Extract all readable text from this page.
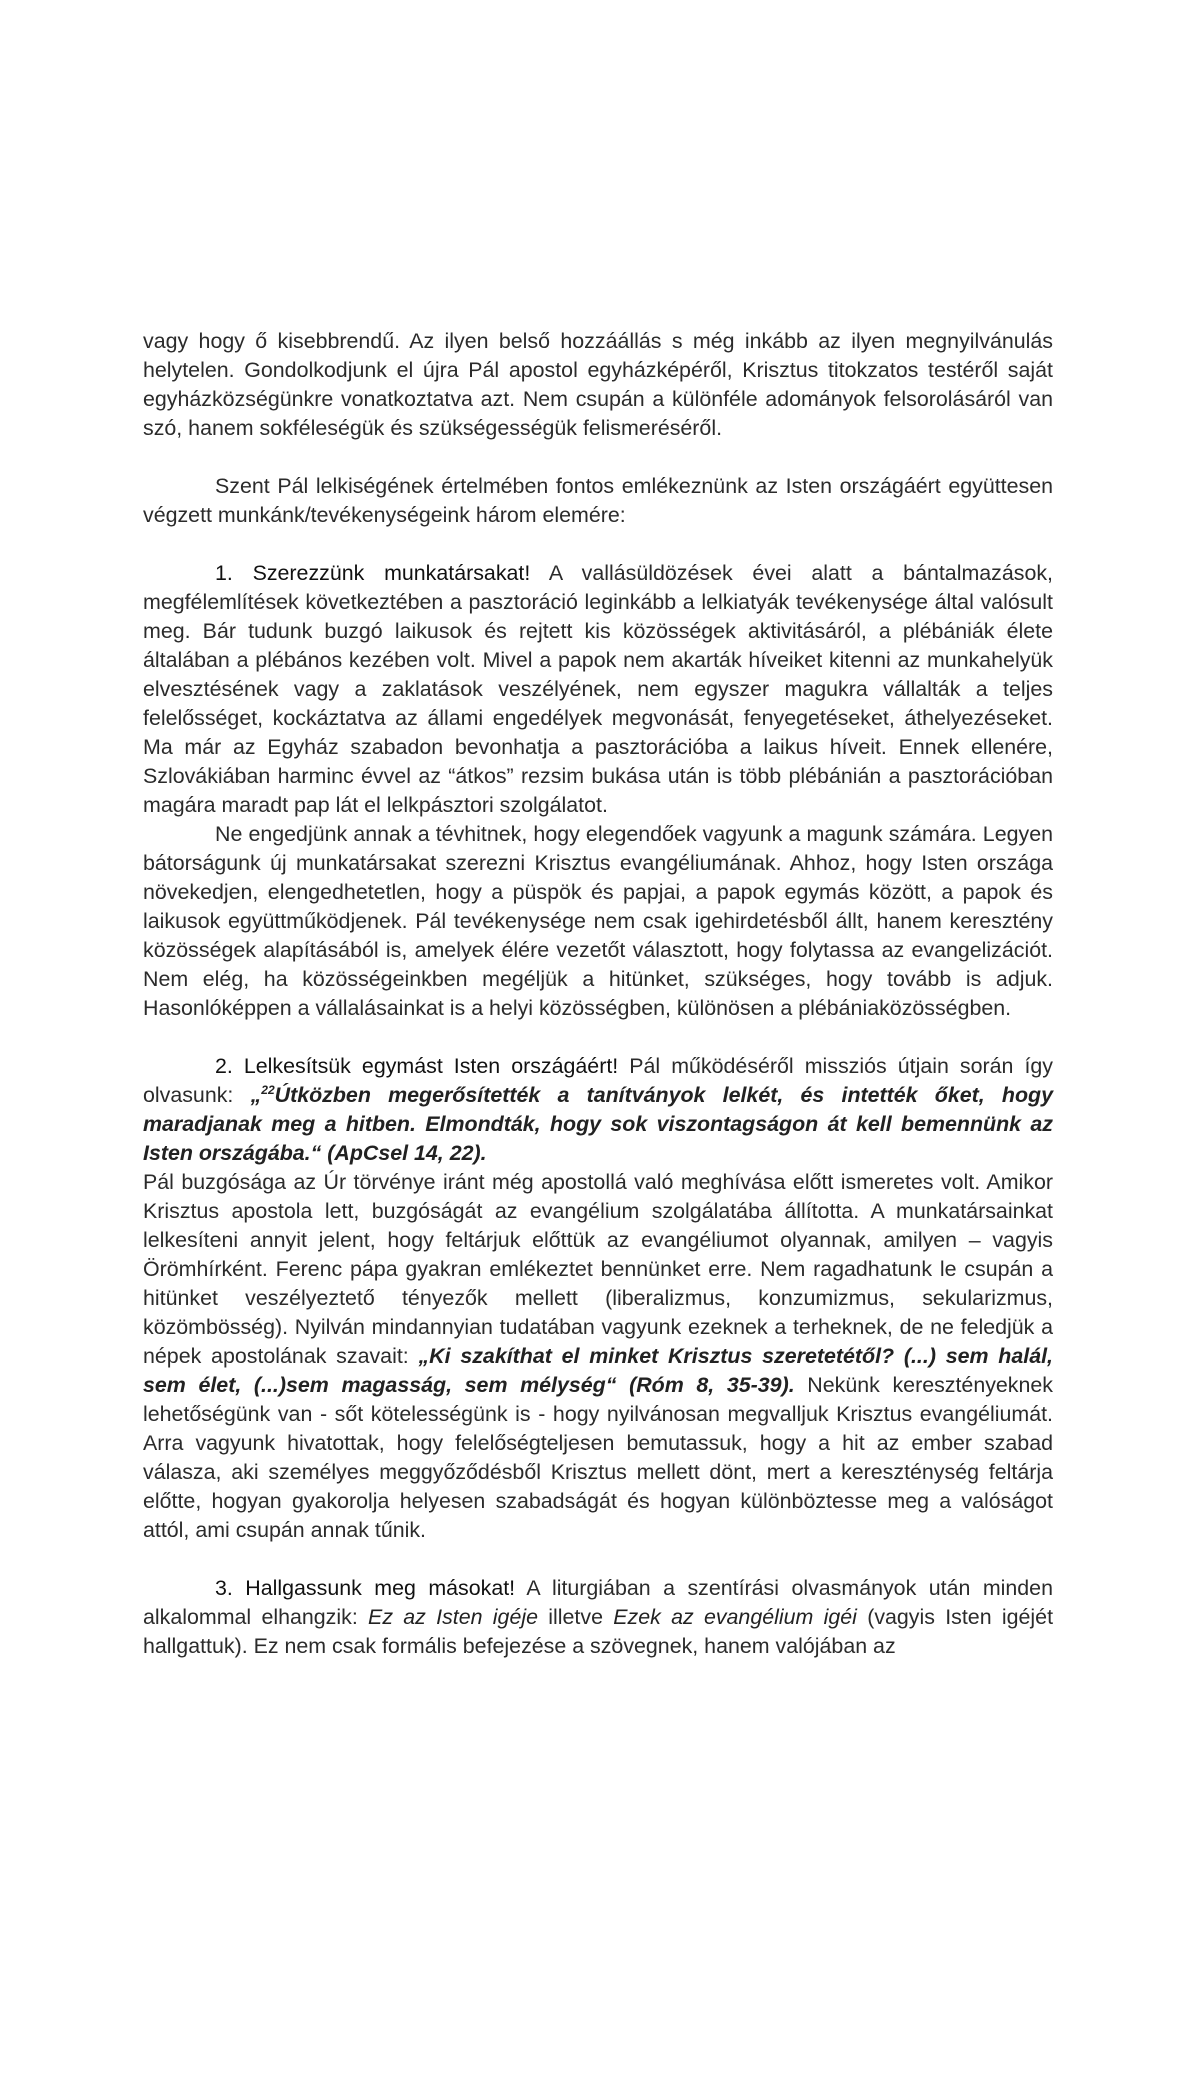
vagy hogy ő kisebbrendű. Az ilyen belső hozzáállás s még inkább az ilyen megnyilvánulás helytelen. Gondolkodjunk el újra Pál apostol egyházképéről, Krisztus titokzatos testéről saját egyházközségünkre vonatkoztatva azt. Nem csupán a különféle adományok felsorolásáról van szó, hanem sokféleségük és szükségességük felismeréséről.

Szent Pál lelkiségének értelmében fontos emlékeznünk az Isten országáért együttesen végzett munkánk/tevékenységeink három elemére:

1. Szerezzünk munkatársakat! A vallásüldözések évei alatt a bántalmazások, megfélemlítések következtében a pasztoráció leginkább a lelkiatyák tevékenysége által valósult meg. Bár tudunk buzgó laikusok és rejtett kis közösségek aktivitásáról, a plébániák élete általában a plébános kezében volt. Mivel a papok nem akarták híveiket kitenni az munkahelyük elvesztésének vagy a zaklatások veszélyének, nem egyszer magukra vállalták a teljes felelősséget, kockáztatva az állami engedélyek megvonását, fenyegetéseket, áthelyezéseket. Ma már az Egyház szabadon bevonhatja a pasztorációba a laikus híveit. Ennek ellenére, Szlovákiában harminc évvel az “átkos” rezsim bukása után is több plébánián a pasztorációban magára maradt pap lát el lelkpásztori szolgálatot.

Ne engedjünk annak a tévhitnek, hogy elegendőek vagyunk a magunk számára. Legyen bátorságunk új munkatársakat szerezni Krisztus evangéliumának. Ahhoz, hogy Isten országa növekedjen, elengedhetetlen, hogy a püspök és papjai, a papok egymás között, a papok és laikusok együttműködjenek. Pál tevékenysége nem csak igehirdetésből állt, hanem keresztény közösségek alapításából is, amelyek élére vezetőt választott, hogy folytassa az evangelizációt. Nem elég, ha közösségeinkben megéljük a hitünket, szükséges, hogy tovább is adjuk. Hasonlóképpen a vállalásainkat is a helyi közösségben, különösen a plébániaközösségben.

2. Lelkesítsük egymást Isten országáért! Pál működéséről missziós útjain során így olvasunk: „$^{22}$Útközben megerősítették a tanítványok lelkét, és intették őket, hogy maradjanak meg a hitben. Elmondták, hogy sok viszontagságon át kell bemennünk az Isten országába.“ (ApCsel 14, 22).

Pál buzgósága az Úr törvénye iránt még apostollá való meghívása előtt ismeretes volt. Amikor Krisztus apostola lett, buzgóságát az evangélium szolgálatába állította. A munkatársainkat lelkesíteni annyit jelent, hogy feltárjuk előttük az evangéliumot olyannak, amilyen – vagyis Örömhírként. Ferenc pápa gyakran emlékeztet bennünket erre. Nem ragadhatunk le csupán a hitünket veszélyeztető tényezők mellett (liberalizmus, konzumizmus, sekularizmus, közömbösség). Nyilván mindannyian tudatában vagyunk ezeknek a terheknek, de ne feledjük a népek apostolának szavait: „Ki szakíthat el minket Krisztus szeretetétől? (...) sem halál, sem élet, (...)sem magasság, sem mélység“ (Róm 8, 35-39). Nekünk keresztényeknek lehetőségünk van - sőt kötelességünk is - hogy nyilvánosan megvalljuk Krisztus evangéliumát. Arra vagyunk hivatottak, hogy felelőségteljesen bemutassuk, hogy a hit az ember szabad válasza, aki személyes meggyőződésből Krisztus mellett dönt, mert a kereszténység feltárja előtte, hogyan gyakorolja helyesen szabadságát és hogyan különböztesse meg a valóságot attól, ami csupán annak tűnik.

3. Hallgassunk meg másokat! A liturgiában a szentírási olvasmányok után minden alkalommal elhangzik: Ez az Isten igéje illetve Ezek az evangélium igéi (vagyis Isten igéjét hallgattuk). Ez nem csak formális befejezése a szövegnek, hanem valójában az
